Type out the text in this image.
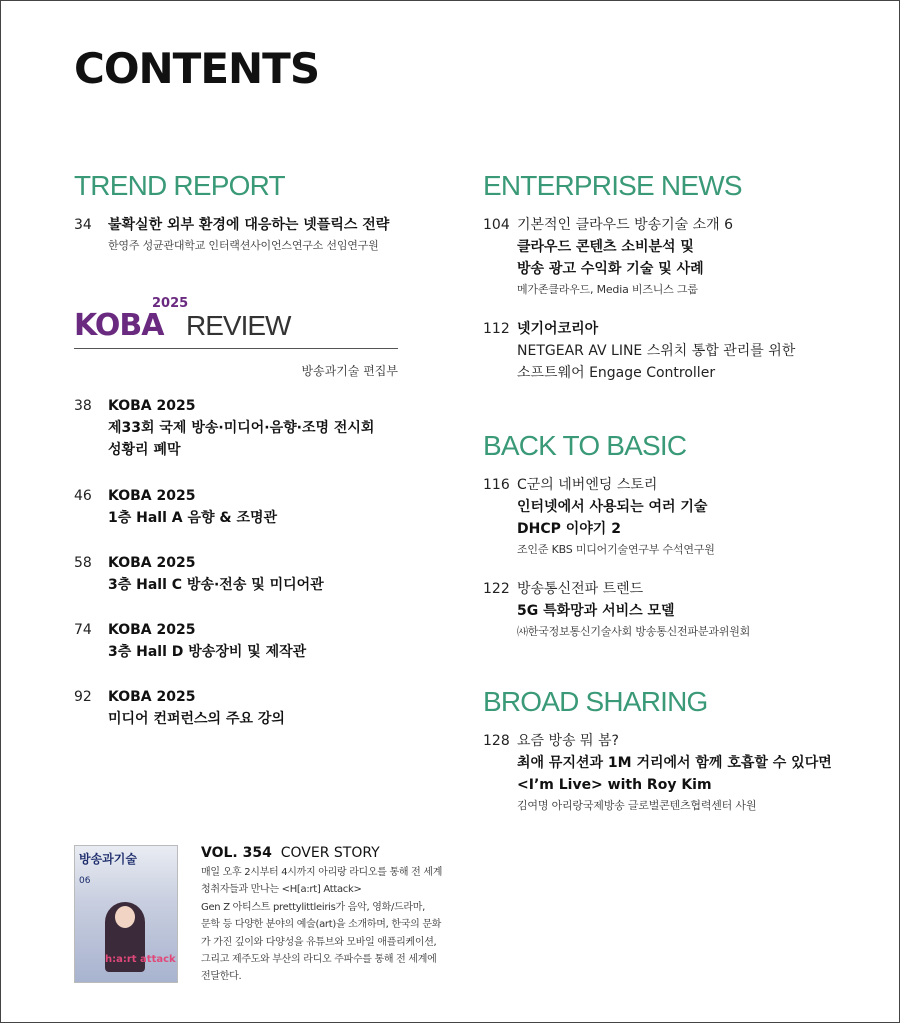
CONTENTS
TREND REPORT
34	불확실한 외부 환경에 대응하는 넷플릭스 전략
한영주 성균관대학교 인터랙션사이언스연구소 선임연구원
2025
KOBA REVIEW
방송과기술 편집부
38	KOBA 2025
제33회 국제 방송·미디어·음향·조명 전시회
성황리 폐막
46	KOBA 2025
1층 Hall A 음향 & 조명관
58	KOBA 2025
3층 Hall C 방송·전송 및 미디어관
74	KOBA 2025
3층 Hall D 방송장비 및 제작관
92	KOBA 2025
미디어 컨퍼런스의 주요 강의
ENTERPRISE NEWS
104 기본적인 클라우드 방송기술 소개 6
클라우드 콘텐츠 소비분석 및
방송 광고 수익화 기술 및 사례
메가존클라우드, Media 비즈니스 그룹
112 넷기어코리아
NETGEAR AV LINE 스위치 통합 관리를 위한
소프트웨어 Engage Controller
BACK TO BASIC
116 C군의 네버엔딩 스토리
인터넷에서 사용되는 여러 기술
DHCP 이야기 2
조인준 KBS 미디어기술연구부 수석연구원
122 방송통신전파 트렌드
5G 특화망과 서비스 모델
㈔한국정보통신기술사회 방송통신전파분과위원회
BROAD SHARING
128 요즘 방송 뭐 봄?
최애 뮤지션과 1M 거리에서 함께 호흡할 수 있다면
<I’m Live> with Roy Kim
김여명 아리랑국제방송 글로벌콘텐츠협력센터 사원
방송과기술
06
h:a:rt attack
VOL. 354 COVER STORY
매일 오후 2시부터 4시까지 아리랑 라디오를 통해 전 세계
청취자들과 만나는 <H[a:rt] Attack>
Gen Z 아티스트 prettylittleiris가 음악, 영화/드라마,
문학 등 다양한 분야의 예술(art)을 소개하며, 한국의 문화
가 가진 깊이와 다양성을 유튜브와 모바일 애플리케이션,
그리고 제주도와 부산의 라디오 주파수를 통해 전 세계에
전달한다.
